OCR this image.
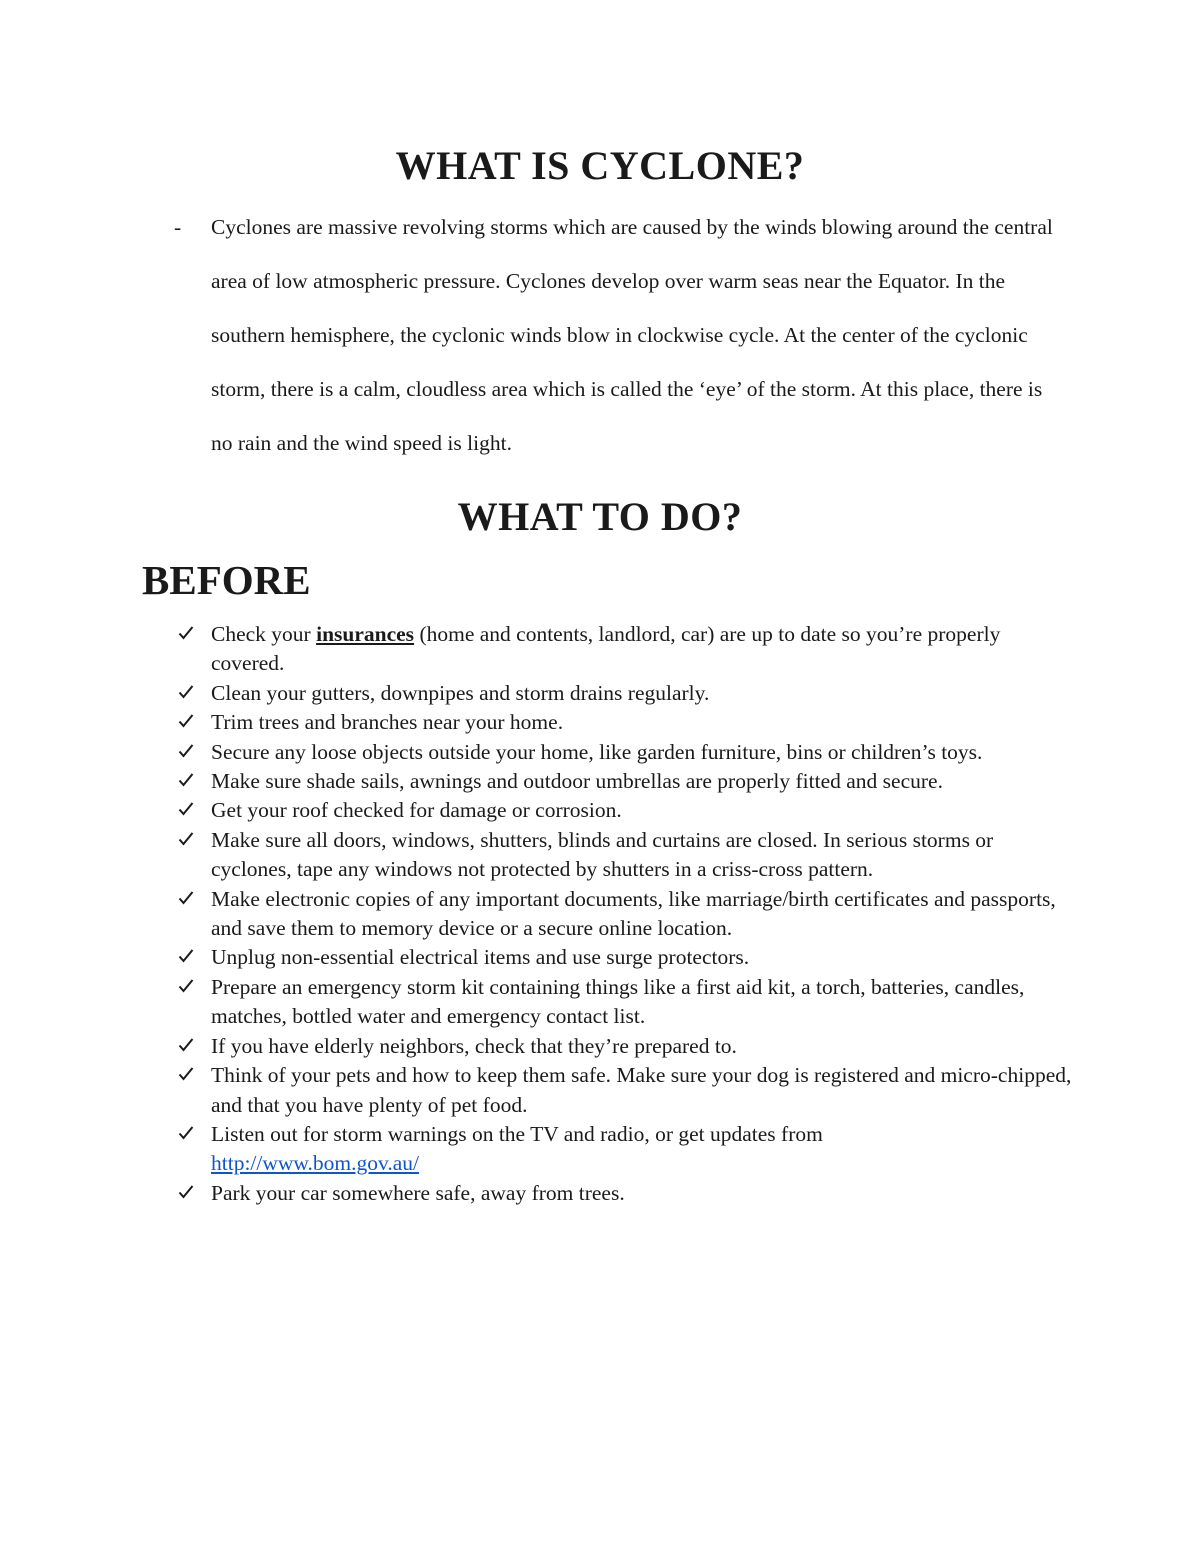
WHAT IS CYCLONE?
- Cyclones are massive revolving storms which are caused by the winds blowing around the central area of low atmospheric pressure. Cyclones develop over warm seas near the Equator. In the southern hemisphere, the cyclonic winds blow in clockwise cycle. At the center of the cyclonic storm, there is a calm, cloudless area which is called the ‘eye’ of the storm. At this place, there is no rain and the wind speed is light.

WHAT TO DO?
BEFORE
Check your insurances (home and contents, landlord, car) are up to date so you’re properly covered.
Clean your gutters, downpipes and storm drains regularly.
Trim trees and branches near your home.
Secure any loose objects outside your home, like garden furniture, bins or children’s toys.
Make sure shade sails, awnings and outdoor umbrellas are properly fitted and secure.
Get your roof checked for damage or corrosion.
Make sure all doors, windows, shutters, blinds and curtains are closed. In serious storms or cyclones, tape any windows not protected by shutters in a criss-cross pattern.
Make electronic copies of any important documents, like marriage/birth certificates and passports, and save them to memory device or a secure online location.
Unplug non-essential electrical items and use surge protectors.
Prepare an emergency storm kit containing things like a first aid kit, a torch, batteries, candles, matches, bottled water and emergency contact list.
If you have elderly neighbors, check that they’re prepared to.
Think of your pets and how to keep them safe. Make sure your dog is registered and micro-chipped, and that you have plenty of pet food.
Listen out for storm warnings on the TV and radio, or get updates from
http://www.bom.gov.au/
Park your car somewhere safe, away from trees.
